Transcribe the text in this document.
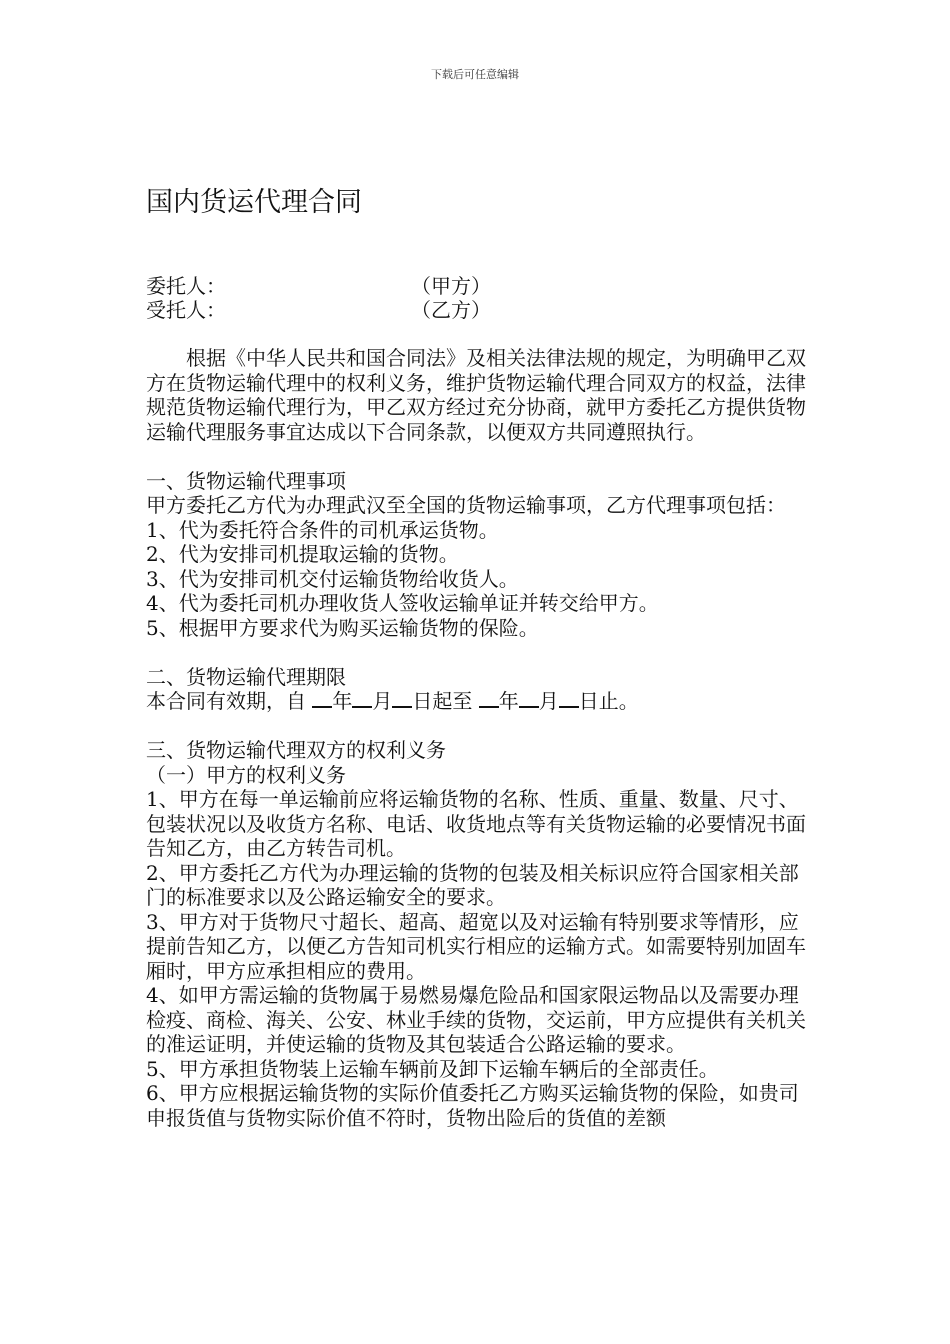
下载后可任意编辑
国内货运代理合同
委托人：	（甲方）
受托人：	（乙方）

根据《中华人民共和国合同法》及相关法律法规的规定，为明确甲乙双方在货物运输代理中的权利义务，维护货物运输代理合同双方的权益，法律规范货物运输代理行为，甲乙双方经过充分协商，就甲方委托乙方提供货物运输代理服务事宜达成以下合同条款，以便双方共同遵照执行。

一、货物运输代理事项

甲方委托乙方代为办理武汉至全国的货物运输事项，乙方代理事项包括：

1、代为委托符合条件的司机承运货物。

2、代为安排司机提取运输的货物。

3、代为安排司机交付运输货物给收货人。

4、代为委托司机办理收货人签收运输单证并转交给甲方。

5、根据甲方要求代为购买运输货物的保险。

二、货物运输代理期限

本合同有效期，自 年 月 日起至 年 月 日止。

三、货物运输代理双方的权利义务

（一）甲方的权利义务

1、甲方在每一单运输前应将运输货物的名称、性质、重量、数量、尺寸、包装状况以及收货方名称、电话、收货地点等有关货物运输的必要情况书面告知乙方，由乙方转告司机。

2、甲方委托乙方代为办理运输的货物的包装及相关标识应符合国家相关部门的标准要求以及公路运输安全的要求。

3、甲方对于货物尺寸超长、超高、超宽以及对运输有特别要求等情形，应提前告知乙方，以便乙方告知司机实行相应的运输方式。如需要特别加固车厢时，甲方应承担相应的费用。

4、如甲方需运输的货物属于易燃易爆危险品和国家限运物品以及需要办理检疫、商检、海关、公安、林业手续的货物，交运前，甲方应提供有关机关的准运证明，并使运输的货物及其包装适合公路运输的要求。

5、甲方承担货物装上运输车辆前及卸下运输车辆后的全部责任。

6、甲方应根据运输货物的实际价值委托乙方购买运输货物的保险，如贵司申报货值与货物实际价值不符时，货物出险后的货值的差额
